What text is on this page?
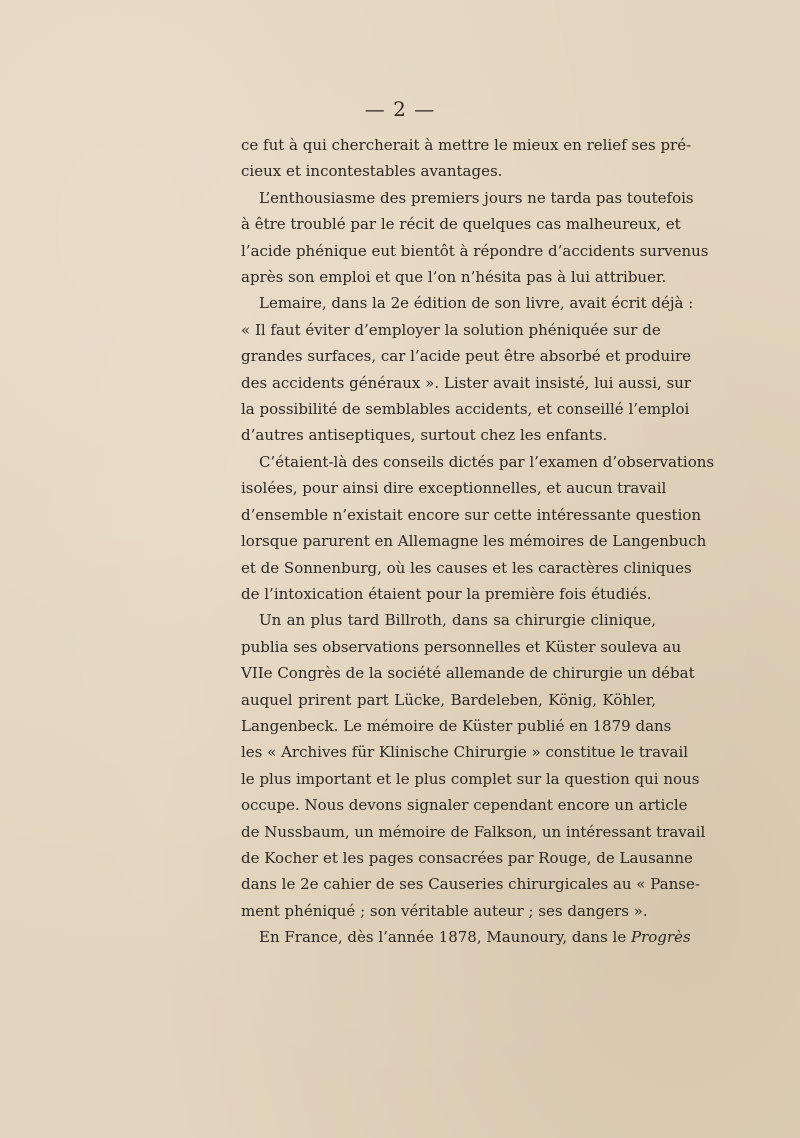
— 2 —
ce fut à qui chercherait à mettre le mieux en relief ses pré-
cieux et incontestables avantages.
L’enthousiasme des premiers jours ne tarda pas toutefois
à être troublé par le récit de quelques cas malheureux, et
l’acide phénique eut bientôt à répondre d’accidents survenus
après son emploi et que l’on n’hésita pas à lui attribuer.
Lemaire, dans la 2e édition de son livre, avait écrit déjà :
« Il faut éviter d’employer la solution phéniquée sur de
grandes surfaces, car l’acide peut être absorbé et produire
des accidents généraux ». Lister avait insisté, lui aussi, sur
la possibilité de semblables accidents, et conseillé l’emploi
d’autres antiseptiques, surtout chez les enfants.
C’étaient-là des conseils dictés par l’examen d’observations
isolées, pour ainsi dire exceptionnelles, et aucun travail
d’ensemble n’existait encore sur cette intéressante question
lorsque parurent en Allemagne les mémoires de Langenbuch
et de Sonnenburg, où les causes et les caractères cliniques
de l’intoxication étaient pour la première fois étudiés.
Un an plus tard Billroth, dans sa chirurgie clinique,
publia ses observations personnelles et Küster souleva au
VIIe Congrès de la société allemande de chirurgie un débat
auquel prirent part Lücke, Bardeleben, König, Köhler,
Langenbeck. Le mémoire de Küster publié en 1879 dans
les « Archives für Klinische Chirurgie » constitue le travail
le plus important et le plus complet sur la question qui nous
occupe. Nous devons signaler cependant encore un article
de Nussbaum, un mémoire de Falkson, un intéressant travail
de Kocher et les pages consacrées par Rouge, de Lausanne
dans le 2e cahier de ses Causeries chirurgicales au « Panse-
ment phéniqué ; son véritable auteur ; ses dangers ».
En France, dès l’année 1878, Maunoury, dans le Progrès
